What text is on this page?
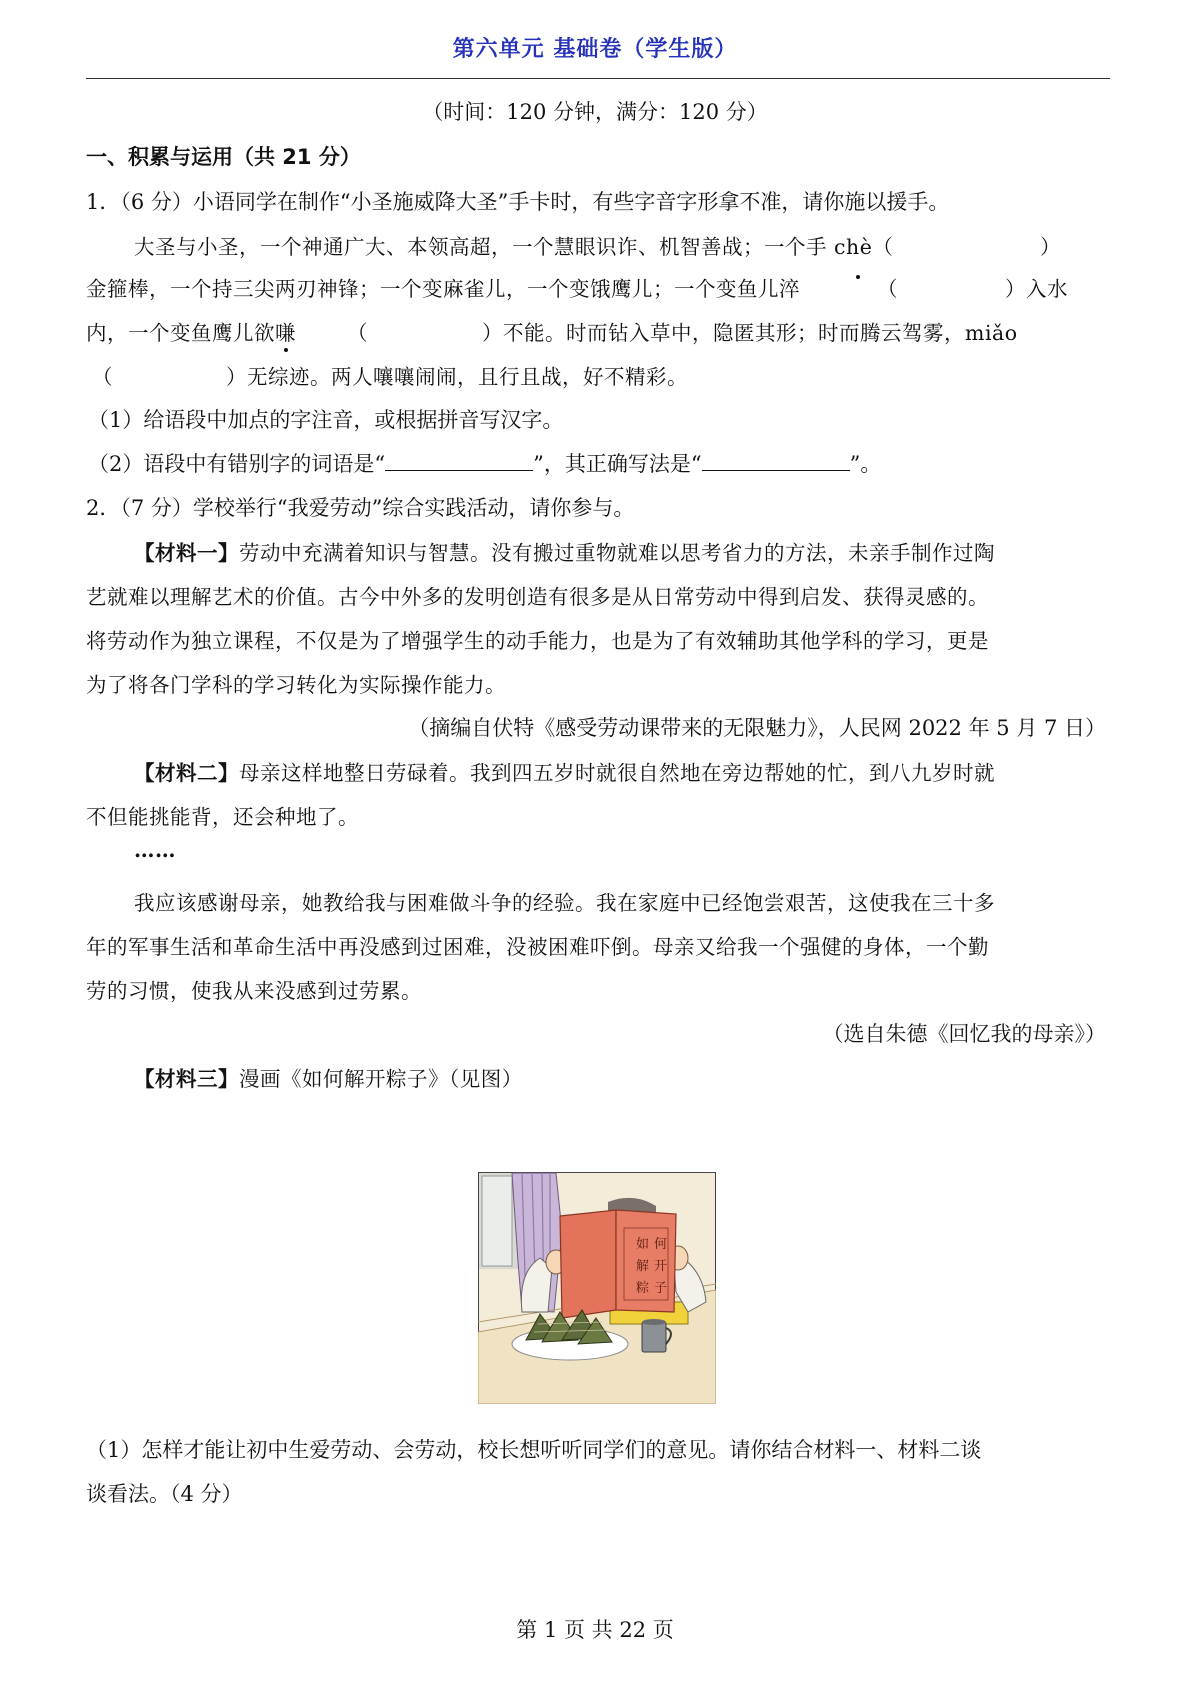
第六单元 基础卷（学生版）
（时间：120 分钟，满分：120 分）
一、积累与运用（共 21 分）
1．（6 分）小语同学在制作“小圣施威降大圣”手卡时，有些字音字形拿不准，请你施以援手。
大圣与小圣，一个神通广大、本领高超，一个慧眼识诈、机智善战；一个手 chè（	）
金箍棒，一个持三尖两刃神锋；一个变麻雀儿，一个变饿鹰儿；一个变鱼儿淬	（	）入水
内，一个变鱼鹰儿欲嗛 （	）不能。时而钻入草中，隐匿其形；时而腾云驾雾，miǎo
（	）无综迹。两人嚷嚷闹闹，且行且战，好不精彩。
（1）给语段中加点的字注音，或根据拼音写汉字。
（2）语段中有错别字的词语是“	”，其正确写法是“	”。
2．（7 分）学校举行“我爱劳动”综合实践活动，请你参与。
【材料一】劳动中充满着知识与智慧。没有搬过重物就难以思考省力的方法，未亲手制作过陶
艺就难以理解艺术的价值。古今中外多的发明创造有很多是从日常劳动中得到启发、获得灵感的。
将劳动作为独立课程，不仅是为了增强学生的动手能力，也是为了有效辅助其他学科的学习，更是
为了将各门学科的学习转化为实际操作能力。
（摘编自伏特《感受劳动课带来的无限魅力》，人民网 2022 年 5 月 7 日）
【材料二】母亲这样地整日劳碌着。我到四五岁时就很自然地在旁边帮她的忙，到八九岁时就
不但能挑能背，还会种地了。
……
我应该感谢母亲，她教给我与困难做斗争的经验。我在家庭中已经饱尝艰苦，这使我在三十多
年的军事生活和革命生活中再没感到过困难，没被困难吓倒。母亲又给我一个强健的身体，一个勤
劳的习惯，使我从来没感到过劳累。
（选自朱德《回忆我的母亲》）
【材料三】漫画《如何解开粽子》（见图）
如 何
解 开
粽 子
（1）怎样才能让初中生爱劳动、会劳动，校长想听听同学们的意见。请你结合材料一、材料二谈
谈看法。（4 分）
第 1 页 共 22 页
